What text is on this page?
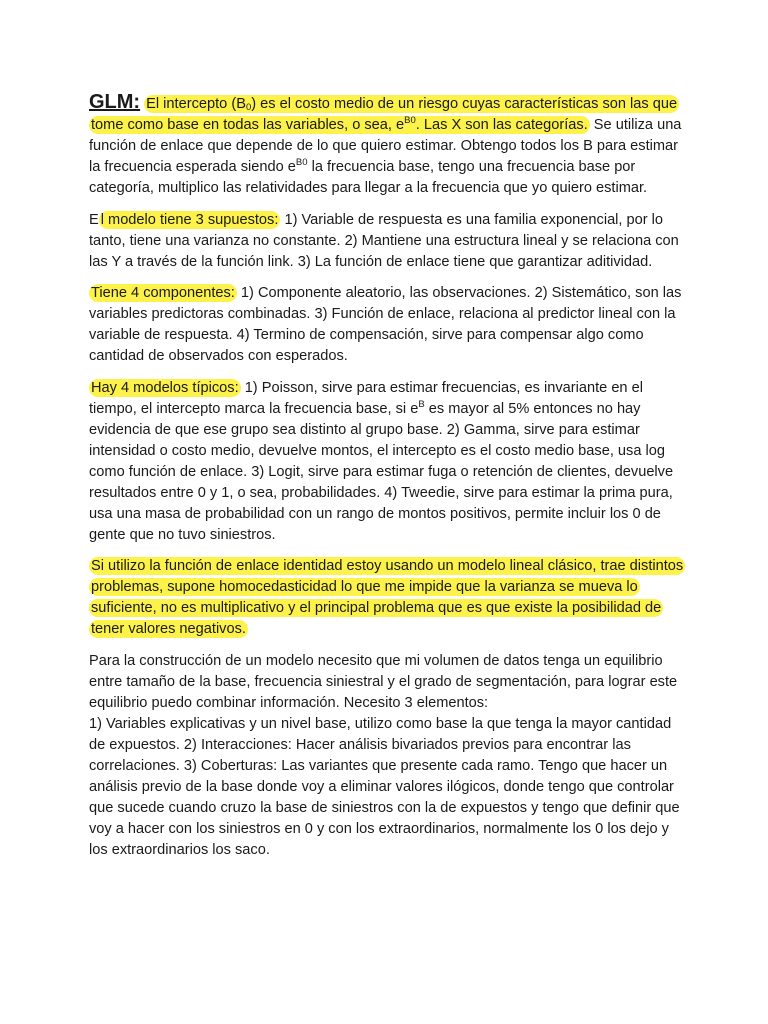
GLM: El intercepto $(B_0)$ es el costo medio de un riesgo cuyas características son las que tome como base en todas las variables, o sea, $e^{B0}$. Las X son las categorías. Se utiliza una función de enlace que depende de lo que quiero estimar. Obtengo todos los B para estimar la frecuencia esperada siendo $e^{B0}$ la frecuencia base, tengo una frecuencia base por categoría, multiplico las relatividades para llegar a la frecuencia que yo quiero estimar.

E l modelo tiene 3 supuestos: 1) Variable de respuesta es una familia exponencial, por lo tanto, tiene una varianza no constante. 2) Mantiene una estructura lineal y se relaciona con las Y a través de la función link. 3) La función de enlace tiene que garantizar aditividad.

Tiene 4 componentes: 1) Componente aleatorio, las observaciones. 2) Sistemático, son las variables predictoras combinadas. 3) Función de enlace, relaciona al predictor lineal con la variable de respuesta. 4) Termino de compensación, sirve para compensar algo como cantidad de observados con esperados.

Hay 4 modelos típicos: 1) Poisson, sirve para estimar frecuencias, es invariante en el tiempo, el intercepto marca la frecuencia base, si $e^B$ es mayor al 5% entonces no hay evidencia de que ese grupo sea distinto al grupo base. 2) Gamma, sirve para estimar intensidad o costo medio, devuelve montos, el intercepto es el costo medio base, usa log como función de enlace. 3) Logit, sirve para estimar fuga o retención de clientes, devuelve resultados entre 0 y 1, o sea, probabilidades. 4) Tweedie, sirve para estimar la prima pura, usa una masa de probabilidad con un rango de montos positivos, permite incluir los 0 de gente que no tuvo siniestros.

Si utilizo la función de enlace identidad estoy usando un modelo lineal clásico, trae distintos problemas, supone homocedasticidad lo que me impide que la varianza se mueva lo suficiente, no es multiplicativo y el principal problema que es que existe la posibilidad de tener valores negativos.

Para la construcción de un modelo necesito que mi volumen de datos tenga un equilibrio entre tamaño de la base, frecuencia siniestral y el grado de segmentación, para lograr este equilibrio puedo combinar información. Necesito 3 elementos:
1) Variables explicativas y un nivel base, utilizo como base la que tenga la mayor cantidad de expuestos. 2) Interacciones: Hacer análisis bivariados previos para encontrar las correlaciones. 3) Coberturas: Las variantes que presente cada ramo. Tengo que hacer un análisis previo de la base donde voy a eliminar valores ilógicos, donde tengo que controlar que sucede cuando cruzo la base de siniestros con la de expuestos y tengo que definir que voy a hacer con los siniestros en 0 y con los extraordinarios, normalmente los 0 los dejo y los extraordinarios los saco.
